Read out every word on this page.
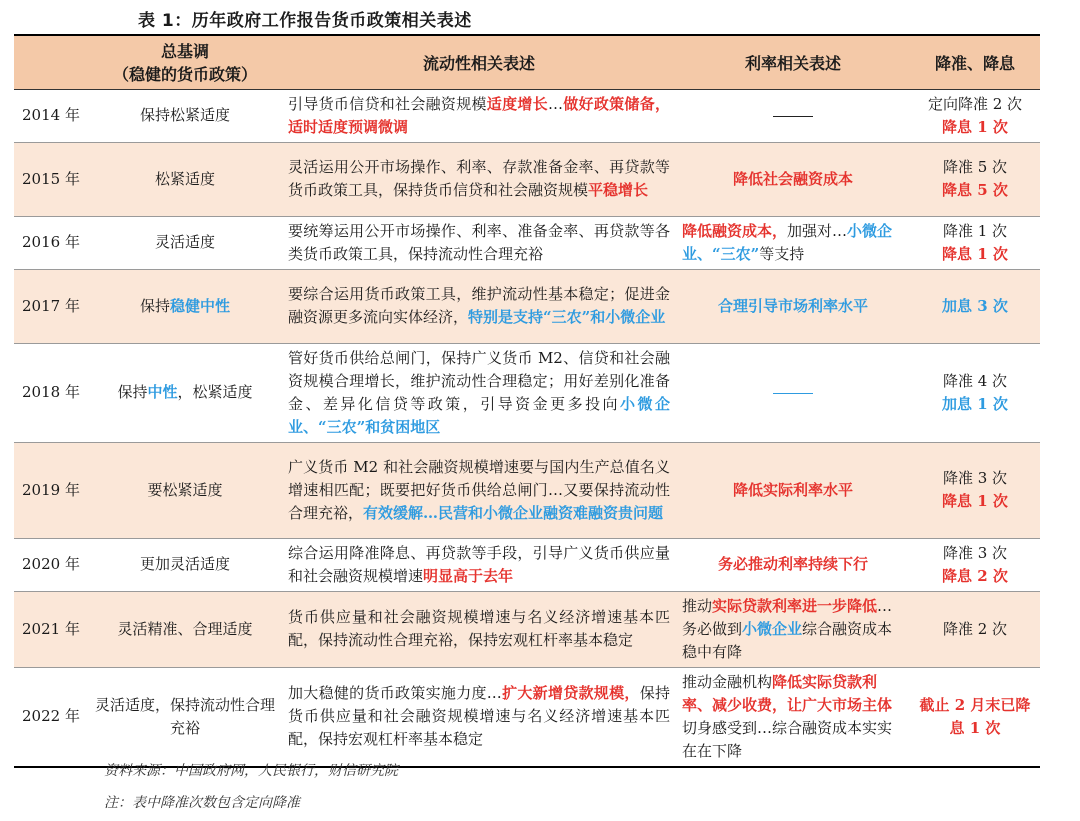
表 1：历年政府工作报告货币政策相关表述

	总基调
（稳健的货币政策）	流动性相关表述	利率相关表述	降准、降息
2014 年	保持松紧适度	引导货币信贷和社会融资规模适度增长…做好政策储备，适时适度预调微调		定向降准 2 次
降息 1 次

2015 年	松紧适度	灵活运用公开市场操作、利率、存款准备金率、再贷款等货币政策工具，保持货币信贷和社会融资规模平稳增长	降低社会融资成本	降准 5 次
降息 5 次

2016 年	灵活适度	要统筹运用公开市场操作、利率、准备金率、再贷款等各类货币政策工具，保持流动性合理充裕	降低融资成本，加强对…小微企业、“三农”等支持	降准 1 次
降息 1 次

2017 年	保持稳健中性	要综合运用货币政策工具，维护流动性基本稳定；促进金融资源更多流向实体经济，特别是支持“三农”和小微企业	合理引导市场利率水平	加息 3 次

2018 年	保持中性，松紧适度	管好货币供给总闸门，保持广义货币 M2、信贷和社会融资规模合理增长，维护流动性合理稳定；用好差别化准备金、差异化信贷等政策，引导资金更多投向小微企业、“三农”和贫困地区		降准 4 次
加息 1 次

2019 年	要松紧适度	广义货币 M2 和社会融资规模增速要与国内生产总值名义增速相匹配；既要把好货币供给总闸门…又要保持流动性合理充裕，有效缓解…民营和小微企业融资难融资贵问题	降低实际利率水平	降准 3 次
降息 1 次

2020 年	更加灵活适度	综合运用降准降息、再贷款等手段，引导广义货币供应量和社会融资规模增速明显高于去年	务必推动利率持续下行	降准 3 次
降息 2 次

2021 年	灵活精准、合理适度	货币供应量和社会融资规模增速与名义经济增速基本匹配，保持流动性合理充裕，保持宏观杠杆率基本稳定	推动实际贷款利率进一步降低…务必做到小微企业综合融资成本稳中有降	降准 2 次

2022 年	灵活适度，保持流动性合理充裕	加大稳健的货币政策实施力度…扩大新增贷款规模，保持货币供应量和社会融资规模增速与名义经济增速基本匹配，保持宏观杠杆率基本稳定	推动金融机构降低实际贷款利率、减少收费，让广大市场主体切身感受到…综合融资成本实实在在下降	截止 2 月末已降息 1 次
资料来源：中国政府网，人民银行，财信研究院
注：表中降准次数包含定向降准
